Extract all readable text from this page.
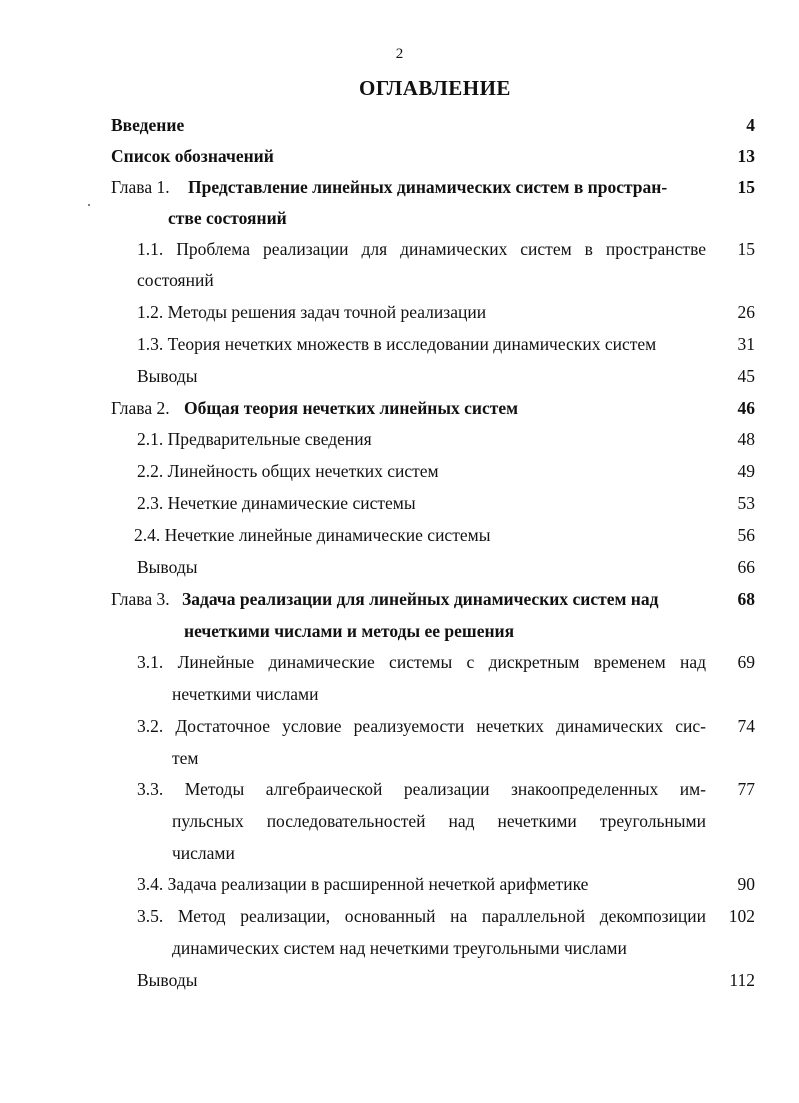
2
ОГЛАВЛЕНИЕ
Введение	4
Список обозначений	13
Глава 1. Представление линейных динамических систем в простран-	15
стве состояний
1.1. Проблема реализации для динамических систем в пространстве 15
состояний
1.2. Методы решения задач точной реализации	26
1.3. Теория нечетких множеств в исследовании динамических систем	31
Выводы	45
Глава 2. Общая теория нечетких линейных систем	46
2.1. Предварительные сведения	48
2.2. Линейность общих нечетких систем	49
2.3. Нечеткие динамические системы	53
2.4. Нечеткие линейные динамические системы	56
Выводы	66
Глава 3. Задача реализации для линейных динамических систем над	68
нечеткими числами и методы ее решения
3.1. Линейные динамические системы с дискретным временем над 69
нечеткими числами
3.2. Достаточное условие реализуемости нечетких динамических сис- 74
тем
3.3. Методы алгебраической реализации знакоопределенных им- 77
пульсных последовательностей над нечеткими треугольными
числами
3.4. Задача реализации в расширенной нечеткой арифметике	90
3.5. Метод реализации, основанный на параллельной декомпозиции 102
динамических систем над нечеткими треугольными числами
Выводы	112
